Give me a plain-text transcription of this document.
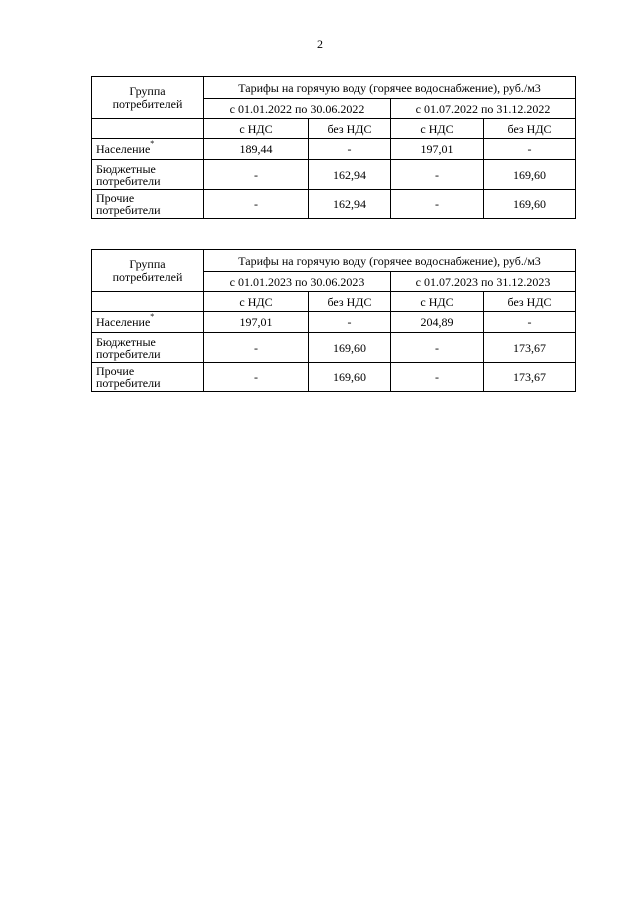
2
Группа
потребителей	Тарифы на горячую воду (горячее водоснабжение), руб./м3			
	с 01.01.2022 по 30.06.2022		с 01.07.2022 по 31.12.2022	
	с НДС	без НДС	с НДС	без НДС
Население*	189,44	-	197,01	-

Бюджетные
потребители	-	162,94	-	169,60

Прочие
потребители	-	162,94	-	169,60
Группа
потребителей	Тарифы на горячую воду (горячее водоснабжение), руб./м3			
	с 01.01.2023 по 30.06.2023		с 01.07.2023 по 31.12.2023	
	с НДС	без НДС	с НДС	без НДС
Население*	197,01	-	204,89	-

Бюджетные
потребители	-	169,60	-	173,67

Прочие
потребители	-	169,60	-	173,67
